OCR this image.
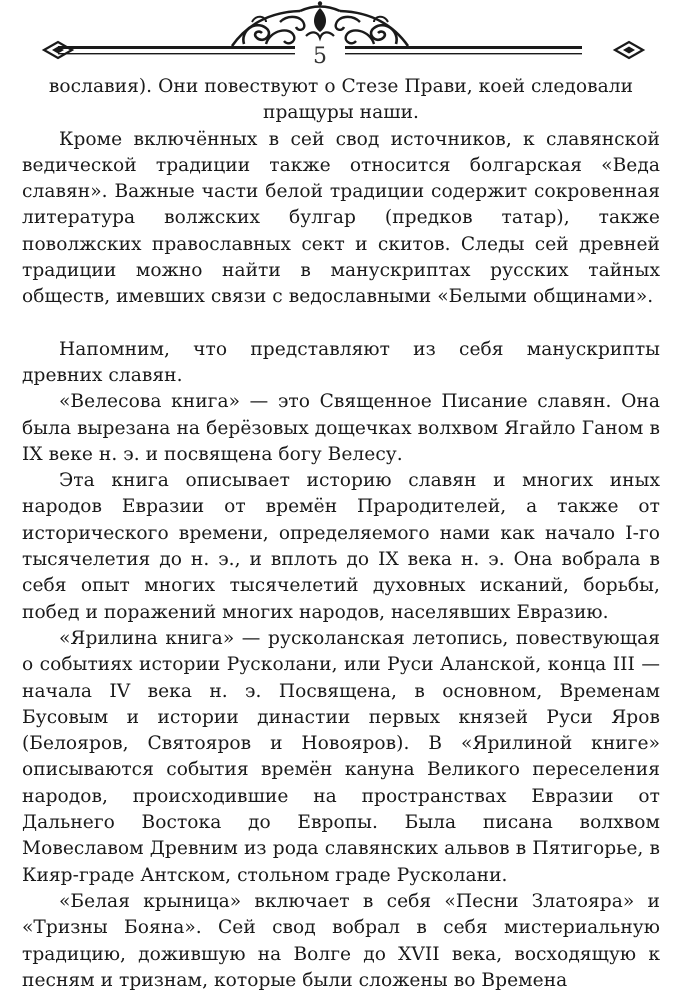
5

вославия). Они повествуют о Стезе Прави, коей следовали

пращуры наши.

Кроме включённых в сей свод источников, к славянской ведической традиции также относится болгарская «Веда славян». Важные части белой традиции содержит сокровенная литература волжских булгар (предков татар), также поволжских православных сект и скитов. Следы сей древней традиции можно найти в манускриптах русских тайных обществ, имевших связи с ведославными «Белыми общинами».

Напомним, что представляют из себя манускрипты древних славян.

«Велесова книга» — это Священное Писание славян. Она была вырезана на берёзовых дощечках волхвом Ягайло Ганом в IX веке н. э. и посвящена богу Велесу.

Эта книга описывает историю славян и многих иных народов Евразии от времён Прародителей, а также от исторического времени, определяемого нами как начало I-го тысячелетия до н. э., и вплоть до IX века н. э. Она вобрала в себя опыт многих тысячелетий духовных исканий, борьбы, побед и поражений многих народов, населявших Евразию.

«Ярилина книга» — русколанская летопись, повествующая о событиях истории Русколани, или Руси Аланской, конца III — начала IV века н. э. Посвящена, в основном, Временам Бусовым и истории династии первых князей Руси Яров (Белояров, Святояров и Новояров). В «Ярилиной книге» описываются события времён кануна Великого переселения народов, происходившие на пространствах Евразии от Дальнего Востока до Европы. Была писана волхвом Мовеславом Древним из рода славянских альвов в Пятигорье, в Кияр-граде Антском, стольном граде Русколани.

«Белая крыница» включает в себя «Песни Златояра» и «Тризны Бояна». Сей свод вобрал в себя мистериальную традицию, дожившую на Волге до XVII века, восходящую к песням и тризнам, которые были сложены во Времена
